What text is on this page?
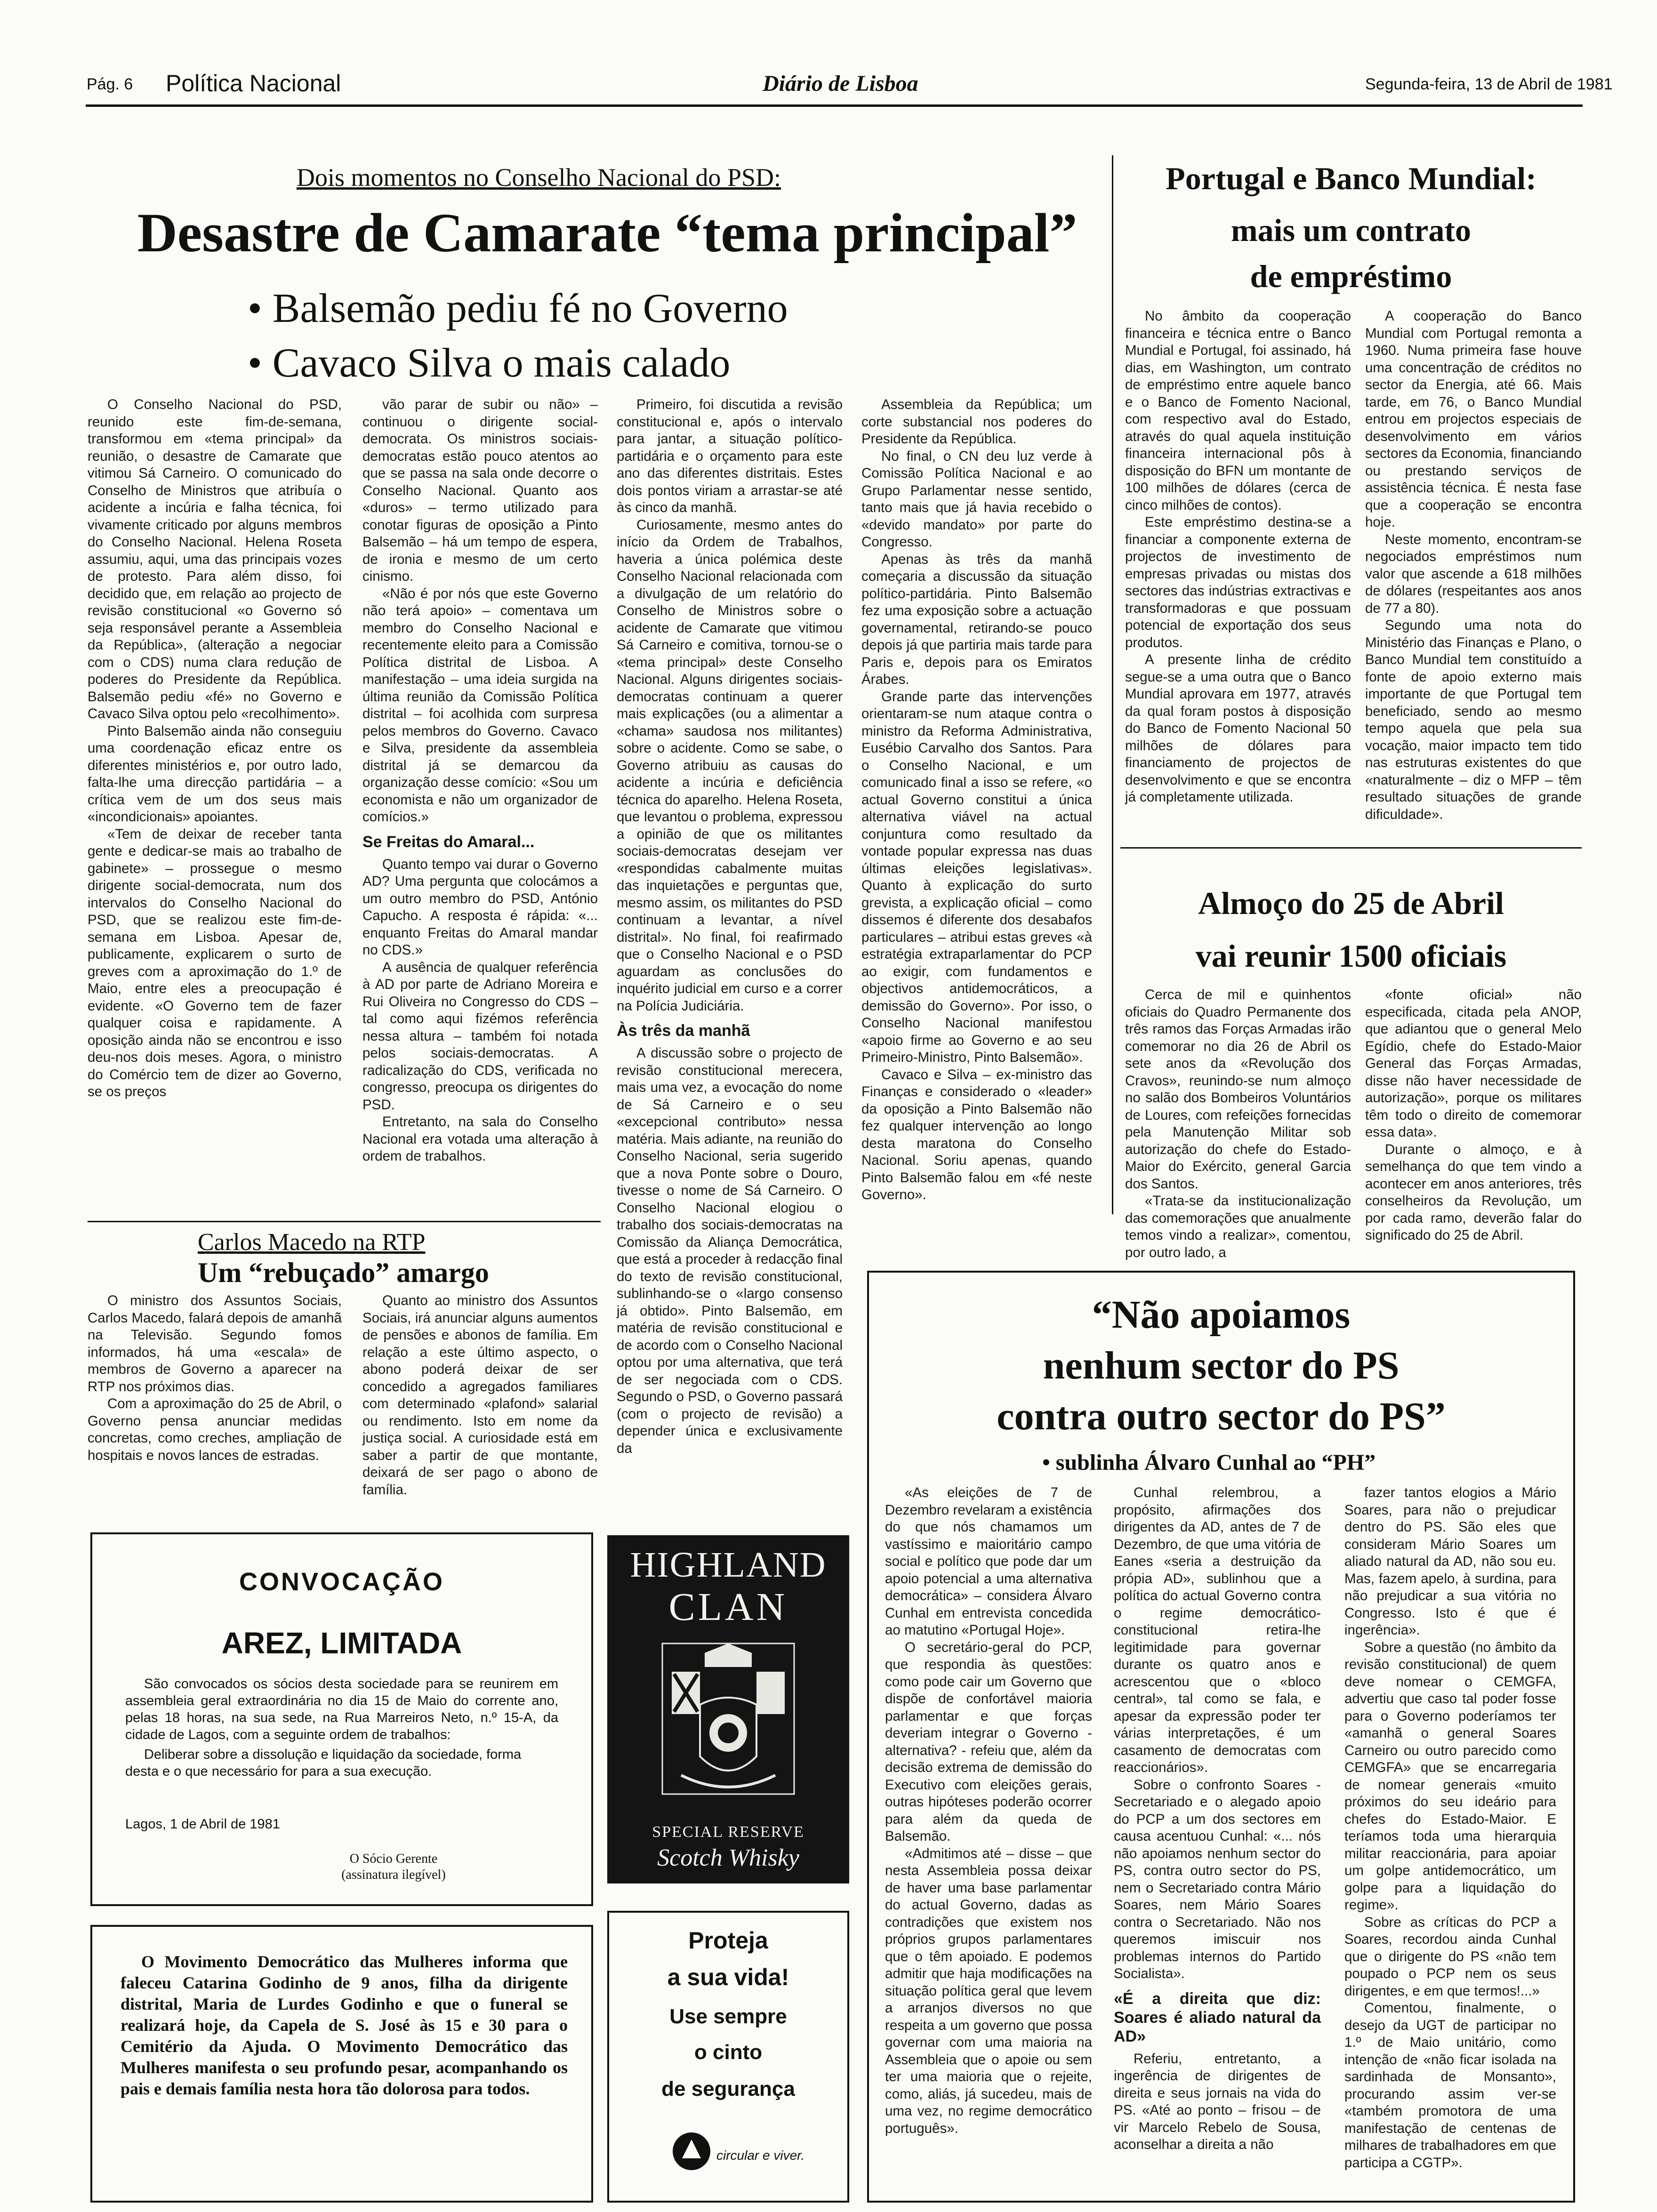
Pág. 6 Política Nacional	Diário de Lisboa	Segunda-feira, 13 de Abril de 1981
Dois momentos no Conselho Nacional do PSD:
Desastre de Camarate “tema principal”
• Balsemão pediu fé no Governo
• Cavaco Silva o mais calado

O Conselho Nacional do PSD, reunido este fim-de-semana, transformou em «tema principal» da reunião, o desastre de Camarate que vitimou Sá Carneiro. O comunicado do Conselho de Ministros que atribuía o acidente a incúria e falha técnica, foi vivamente criticado por alguns membros do Conselho Nacional. Helena Roseta assumiu, aqui, uma das principais vozes de protesto. Para além disso, foi decidido que, em relação ao projecto de revisão constitucional «o Governo só seja responsável perante a Assembleia da República», (alteração a negociar com o CDS) numa clara redução de poderes do Presidente da República. Balsemão pediu «fé» no Governo e Cavaco Silva optou pelo «recolhimento».

Pinto Balsemão ainda não conseguiu uma coordenação eficaz entre os diferentes ministérios e, por outro lado, falta-lhe uma direcção partidária – a crítica vem de um dos seus mais «incondicionais» apoiantes.

«Tem de deixar de receber tanta gente e dedicar-se mais ao trabalho de gabinete» – prossegue o mesmo dirigente social-democrata, num dos intervalos do Conselho Nacional do PSD, que se realizou este fim-de-semana em Lisboa. Apesar de, publicamente, explicarem o surto de greves com a aproximação do 1.º de Maio, entre eles a preocupação é evidente. «O Governo tem de fazer qualquer coisa e rapidamente. A oposição ainda não se encontrou e isso deu-nos dois meses. Agora, o ministro do Comércio tem de dizer ao Governo, se os preços

vão parar de subir ou não» – continuou o dirigente social-democrata. Os ministros sociais-democratas estão pouco atentos ao que se passa na sala onde decorre o Conselho Nacional. Quanto aos «duros» – termo utilizado para conotar figuras de oposição a Pinto Balsemão – há um tempo de espera, de ironia e mesmo de um certo cinismo.

«Não é por nós que este Governo não terá apoio» – comentava um membro do Conselho Nacional e recentemente eleito para a Comissão Política distrital de Lisboa. A manifestação – uma ideia surgida na última reunião da Comissão Política distrital – foi acolhida com surpresa pelos membros do Governo. Cavaco e Silva, presidente da assembleia distrital já se demarcou da organização desse comício: «Sou um economista e não um organizador de comícios.»

Se Freitas do Amaral...

Quanto tempo vai durar o Governo AD? Uma pergunta que colocámos a um outro membro do PSD, António Capucho. A resposta é rápida: «... enquanto Freitas do Amaral mandar no CDS.»

A ausência de qualquer referência à AD por parte de Adriano Moreira e Rui Oliveira no Congresso do CDS – tal como aqui fizémos referência nessa altura – também foi notada pelos sociais-democratas. A radicalização do CDS, verificada no congresso, preocupa os dirigentes do PSD.

Entretanto, na sala do Conselho Nacional era votada uma alteração à ordem de trabalhos.

Primeiro, foi discutida a revisão constitucional e, após o intervalo para jantar, a situação político-partidária e o orçamento para este ano das diferentes distritais. Estes dois pontos viriam a arrastar-se até às cinco da manhã.

Curiosamente, mesmo antes do início da Ordem de Trabalhos, haveria a única polémica deste Conselho Nacional relacionada com a divulgação de um relatório do Conselho de Ministros sobre o acidente de Camarate que vitimou Sá Carneiro e comitiva, tornou-se o «tema principal» deste Conselho Nacional. Alguns dirigentes sociais-democratas continuam a querer mais explicações (ou a alimentar a «chama» saudosa nos militantes) sobre o acidente. Como se sabe, o Governo atribuiu as causas do acidente a incúria e deficiência técnica do aparelho. Helena Roseta, que levantou o problema, expressou a opinião de que os militantes sociais-democratas desejam ver «respondidas cabalmente muitas das inquietações e perguntas que, mesmo assim, os militantes do PSD continuam a levantar, a nível distrital». No final, foi reafirmado que o Conselho Nacional e o PSD aguardam as conclusões do inquérito judicial em curso e a correr na Polícia Judiciária.

Às três da manhã

A discussão sobre o projecto de revisão constitucional merecera, mais uma vez, a evocação do nome de Sá Carneiro e o seu «excepcional contributo» nessa matéria. Mais adiante, na reunião do Conselho Nacional, seria sugerido que a nova Ponte sobre o Douro, tivesse o nome de Sá Carneiro. O Conselho Nacional elogiou o trabalho dos sociais-democratas na Comissão da Aliança Democrática, que está a proceder à redacção final do texto de revisão constitucional, sublinhando-se o «largo consenso já obtido». Pinto Balsemão, em matéria de revisão constitucional e de acordo com o Conselho Nacional optou por uma alternativa, que terá de ser negociada com o CDS. Segundo o PSD, o Governo passará (com o projecto de revisão) a depender única e exclusivamente da

Assembleia da República; um corte substancial nos poderes do Presidente da República.

No final, o CN deu luz verde à Comissão Política Nacional e ao Grupo Parlamentar nesse sentido, tanto mais que já havia recebido o «devido mandato» por parte do Congresso.

Apenas às três da manhã começaria a discussão da situação político-partidária. Pinto Balsemão fez uma exposição sobre a actuação governamental, retirando-se pouco depois já que partiria mais tarde para Paris e, depois para os Emiratos Árabes.

Grande parte das intervenções orientaram-se num ataque contra o ministro da Reforma Administrativa, Eusébio Carvalho dos Santos. Para o Conselho Nacional, e um comunicado final a isso se refere, «o actual Governo constitui a única alternativa viável na actual conjuntura como resultado da vontade popular expressa nas duas últimas eleições legislativas». Quanto à explicação do surto grevista, a explicação oficial – como dissemos é diferente dos desabafos particulares – atribui estas greves «à estratégia extraparlamentar do PCP ao exigir, com fundamentos e objectivos antidemocráticos, a demissão do Governo». Por isso, o Conselho Nacional manifestou «apoio firme ao Governo e ao seu Primeiro-Ministro, Pinto Balsemão».

Cavaco e Silva – ex-ministro das Finanças e considerado o «leader» da oposição a Pinto Balsemão não fez qualquer intervenção ao longo desta maratona do Conselho Nacional. Soriu apenas, quando Pinto Balsemão falou em «fé neste Governo».

Carlos Macedo na RTP
Um “rebuçado” amargo

O ministro dos Assuntos Sociais, Carlos Macedo, falará depois de amanhã na Televisão. Segundo fomos informados, há uma «escala» de membros de Governo a aparecer na RTP nos próximos dias.

Com a aproximação do 25 de Abril, o Governo pensa anunciar medidas concretas, como creches, ampliação de hospitais e novos lances de estradas.

Quanto ao ministro dos Assuntos Sociais, irá anunciar alguns aumentos de pensões e abonos de família. Em relação a este último aspecto, o abono poderá deixar de ser concedido a agregados familiares com determinado «plafond» salarial ou rendimento. Isto em nome da justiça social. A curiosidade está em saber a partir de que montante, deixará de ser pago o abono de família.

Portugal e Banco Mundial:
mais um contrato
de empréstimo

No âmbito da cooperação financeira e técnica entre o Banco Mundial e Portugal, foi assinado, há dias, em Washington, um contrato de empréstimo entre aquele banco e o Banco de Fomento Nacional, com respectivo aval do Estado, através do qual aquela instituição financeira internacional pôs à disposição do BFN um montante de 100 milhões de dólares (cerca de cinco milhões de contos).

Este empréstimo destina-se a financiar a componente externa de projectos de investimento de empresas privadas ou mistas dos sectores das indústrias extractivas e transformadoras e que possuam potencial de exportação dos seus produtos.

A presente linha de crédito segue-se a uma outra que o Banco Mundial aprovara em 1977, através da qual foram postos à disposição do Banco de Fomento Nacional 50 milhões de dólares para financiamento de projectos de desenvolvimento e que se encontra já completamente utilizada.

A cooperação do Banco Mundial com Portugal remonta a 1960. Numa primeira fase houve uma concentração de créditos no sector da Energia, até 66. Mais tarde, em 76, o Banco Mundial entrou em projectos especiais de desenvolvimento em vários sectores da Economia, financiando ou prestando serviços de assistência técnica. É nesta fase que a cooperação se encontra hoje.

Neste momento, encontram-se negociados empréstimos num valor que ascende a 618 milhões de dólares (respeitantes aos anos de 77 a 80).

Segundo uma nota do Ministério das Finanças e Plano, o Banco Mundial tem constituído a fonte de apoio externo mais importante de que Portugal tem beneficiado, sendo ao mesmo tempo aquela que pela sua vocação, maior impacto tem tido nas estruturas existentes do que «naturalmente – diz o MFP – têm resultado situações de grande dificuldade».

Almoço do 25 de Abril
vai reunir 1500 oficiais

Cerca de mil e quinhentos oficiais do Quadro Permanente dos três ramos das Forças Armadas irão comemorar no dia 26 de Abril os sete anos da «Revolução dos Cravos», reunindo-se num almoço no salão dos Bombeiros Voluntários de Loures, com refeições fornecidas pela Manutenção Militar sob autorização do chefe do Estado-Maior do Exército, general Garcia dos Santos.

«Trata-se da institucionalização das comemorações que anualmente temos vindo a realizar», comentou, por outro lado, a

«fonte oficial» não especificada, citada pela ANOP, que adiantou que o general Melo Egídio, chefe do Estado-Maior General das Forças Armadas, disse não haver necessidade de autorização», porque os militares têm todo o direito de comemorar essa data».

Durante o almoço, e à semelhança do que tem vindo a acontecer em anos anteriores, três conselheiros da Revolução, um por cada ramo, deverão falar do significado do 25 de Abril.

“Não apoiamos
nenhum sector do PS
contra outro sector do PS”
• sublinha Álvaro Cunhal ao “PH”

«As eleições de 7 de Dezembro revelaram a existência do que nós chamamos um vastíssimo e maioritário campo social e político que pode dar um apoio potencial a uma alternativa democrática» – considera Álvaro Cunhal em entrevista concedida ao matutino «Portugal Hoje».

O secretário-geral do PCP, que respondia às questões: como pode cair um Governo que dispõe de confortável maioria parlamentar e que forças deveriam integrar o Governo - alternativa? - refeiu que, além da decisão extrema de demissão do Executivo com eleições gerais, outras hipóteses poderão ocorrer para além da queda de Balsemão.

«Admitimos até – disse – que nesta Assembleia possa deixar de haver uma base parlamentar do actual Governo, dadas as contradições que existem nos próprios grupos parlamentares que o têm apoiado. E podemos admitir que haja modificações na situação política geral que levem a arranjos diversos no que respeita a um governo que possa governar com uma maioria na Assembleia que o apoie ou sem ter uma maioria que o rejeite, como, aliás, já sucedeu, mais de uma vez, no regime democrático português».

Cunhal relembrou, a propósito, afirmações dos dirigentes da AD, antes de 7 de Dezembro, de que uma vitória de Eanes «seria a destruição da própia AD», sublinhou que a política do actual Governo contra o regime democrático-constitucional retira-lhe legitimidade para governar durante os quatro anos e acrescentou que o «bloco central», tal como se fala, e apesar da expressão poder ter várias interpretações, é um casamento de democratas com reaccionários».

Sobre o confronto Soares -Secretariado e o alegado apoio do PCP a um dos sectores em causa acentuou Cunhal: «... nós não apoiamos nenhum sector do PS, contra outro sector do PS, nem o Secretariado contra Mário Soares, nem Mário Soares contra o Secretariado. Não nos queremos imiscuir nos problemas internos do Partido Socialista».

«É a direita que diz: Soares é aliado natural da AD»

Referiu, entretanto, a ingerência de dirigentes de direita e seus jornais na vida do PS. «Até ao ponto – frisou – de vir Marcelo Rebelo de Sousa, aconselhar a direita a não

fazer tantos elogios a Mário Soares, para não o prejudicar dentro do PS. São eles que consideram Mário Soares um aliado natural da AD, não sou eu. Mas, fazem apelo, à surdina, para não prejudicar a sua vitória no Congresso. Isto é que é ingerência».

Sobre a questão (no âmbito da revisão constitucional) de quem deve nomear o CEMGFA, advertiu que caso tal poder fosse para o Governo poderíamos ter «amanhã o general Soares Carneiro ou outro parecido como CEMGFA» que se encarregaria de nomear generais «muito próximos do seu ideário para chefes do Estado-Maior. E teríamos toda uma hierarquia militar reaccionária, para apoiar um golpe antidemocrático, um golpe para a liquidação do regime».

Sobre as críticas do PCP a Soares, recordou ainda Cunhal que o dirigente do PS «não tem poupado o PCP nem os seus dirigentes, e em que termos!...»

Comentou, finalmente, o desejo da UGT de participar no 1.º de Maio unitário, como intenção de «não ficar isolada na sardinhada de Monsanto», procurando assim ver-se «também promotora de uma manifestação de centenas de milhares de trabalhadores em que participa a CGTP».

CONVOCAÇÃO
AREZ, LIMITADA
São convocados os sócios desta sociedade para se reunirem em assembleia geral extraordinária no dia 15 de Maio do corrente ano, pelas 18 horas, na sua sede, na Rua Marreiros Neto, n.º 15-A, da cidade de Lagos, com a seguinte ordem de trabalhos:
Deliberar sobre a dissolução e liquidação da sociedade, forma desta e o que necessário for para a sua execução.
Lagos, 1 de Abril de 1981
O Sócio Gerente
(assinatura ilegível)
HIGHLAND
CLAN
SPECIAL RESERVE
Scotch Whisky
Proteja
a sua vida!
Use sempre
o cinto
de segurança
circular e viver.
O Movimento Democrático das Mulheres informa que faleceu Catarina Godinho de 9 anos, filha da dirigente distrital, Maria de Lurdes Godinho e que o funeral se realizará hoje, da Capela de S. José às 15 e 30 para o Cemitério da Ajuda. O Movimento Democrático das Mulheres manifesta o seu profundo pesar, acompanhando os pais e demais família nesta hora tão dolorosa para todos.
